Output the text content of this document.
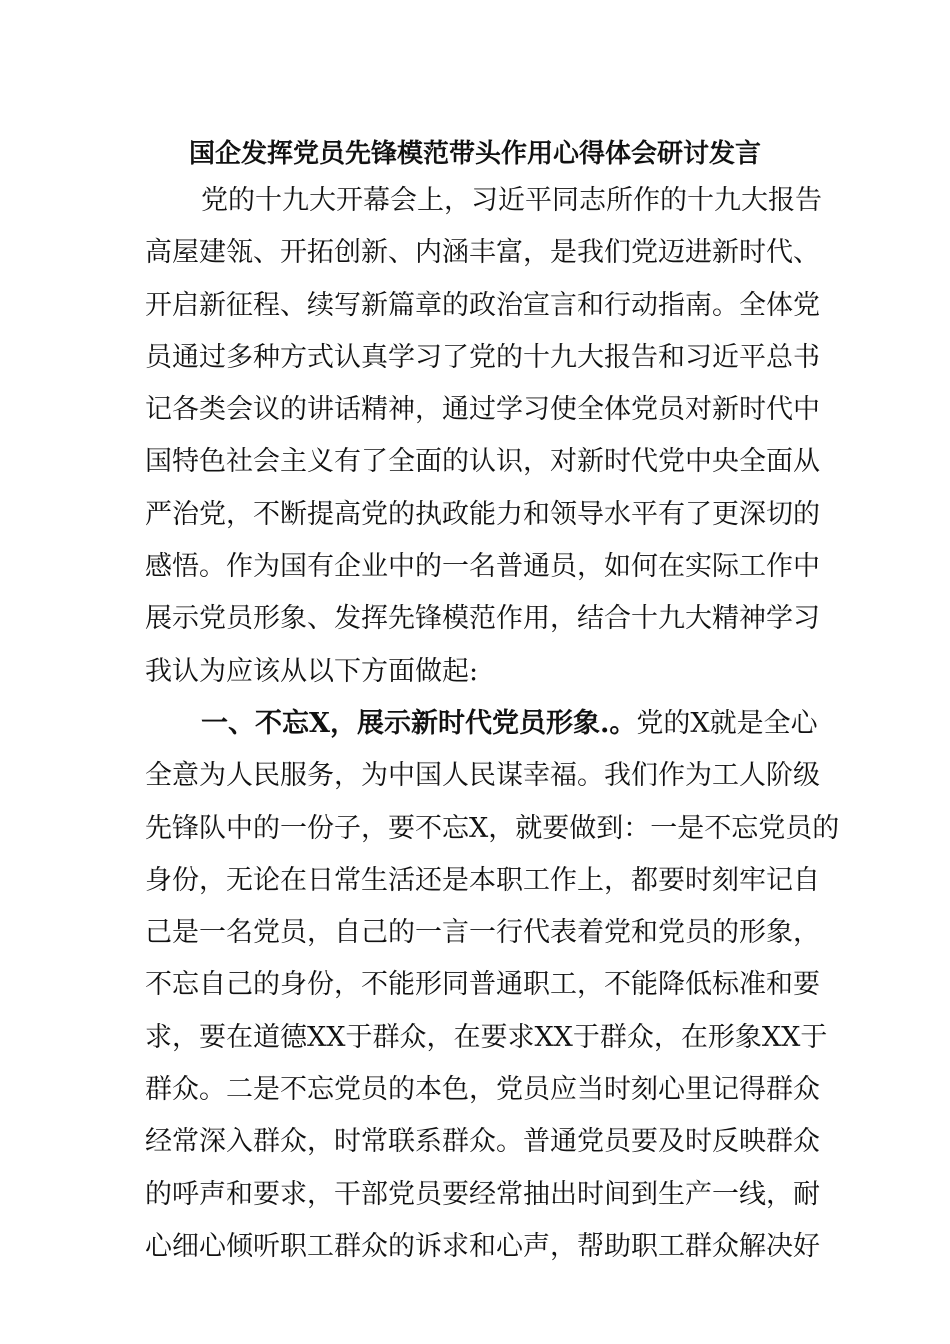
国企发挥党员先锋模范带头作用心得体会研讨发言
党的十九大开幕会上，习近平同志所作的十九大报告
高屋建瓴、开拓创新、内涵丰富，是我们党迈进新时代、
开启新征程、续写新篇章的政治宣言和行动指南。全体党
员通过多种方式认真学习了党的十九大报告和习近平总书
记各类会议的讲话精神，通过学习使全体党员对新时代中
国特色社会主义有了全面的认识，对新时代党中央全面从
严治党，不断提高党的执政能力和领导水平有了更深切的
感悟。作为国有企业中的一名普通员，如何在实际工作中
展示党员形象、发挥先锋模范作用，结合十九大精神学习
我认为应该从以下方面做起:
一、不忘X，展示新时代党员形象.。党的X就是全心
全意为人民服务，为中国人民谋幸福。我们作为工人阶级
先锋队中的一份子，要不忘X，就要做到：一是不忘党员的
身份，无论在日常生活还是本职工作上，都要时刻牢记自
己是一名党员，自己的一言一行代表着党和党员的形象，
不忘自己的身份，不能形同普通职工，不能降低标准和要
求，要在道德XX于群众，在要求XX于群众，在形象XX于
群众。二是不忘党员的本色，党员应当时刻心里记得群众
经常深入群众，时常联系群众。普通党员要及时反映群众
的呼声和要求，干部党员要经常抽出时间到生产一线，耐
心细心倾听职工群众的诉求和心声，帮助职工群众解决好
